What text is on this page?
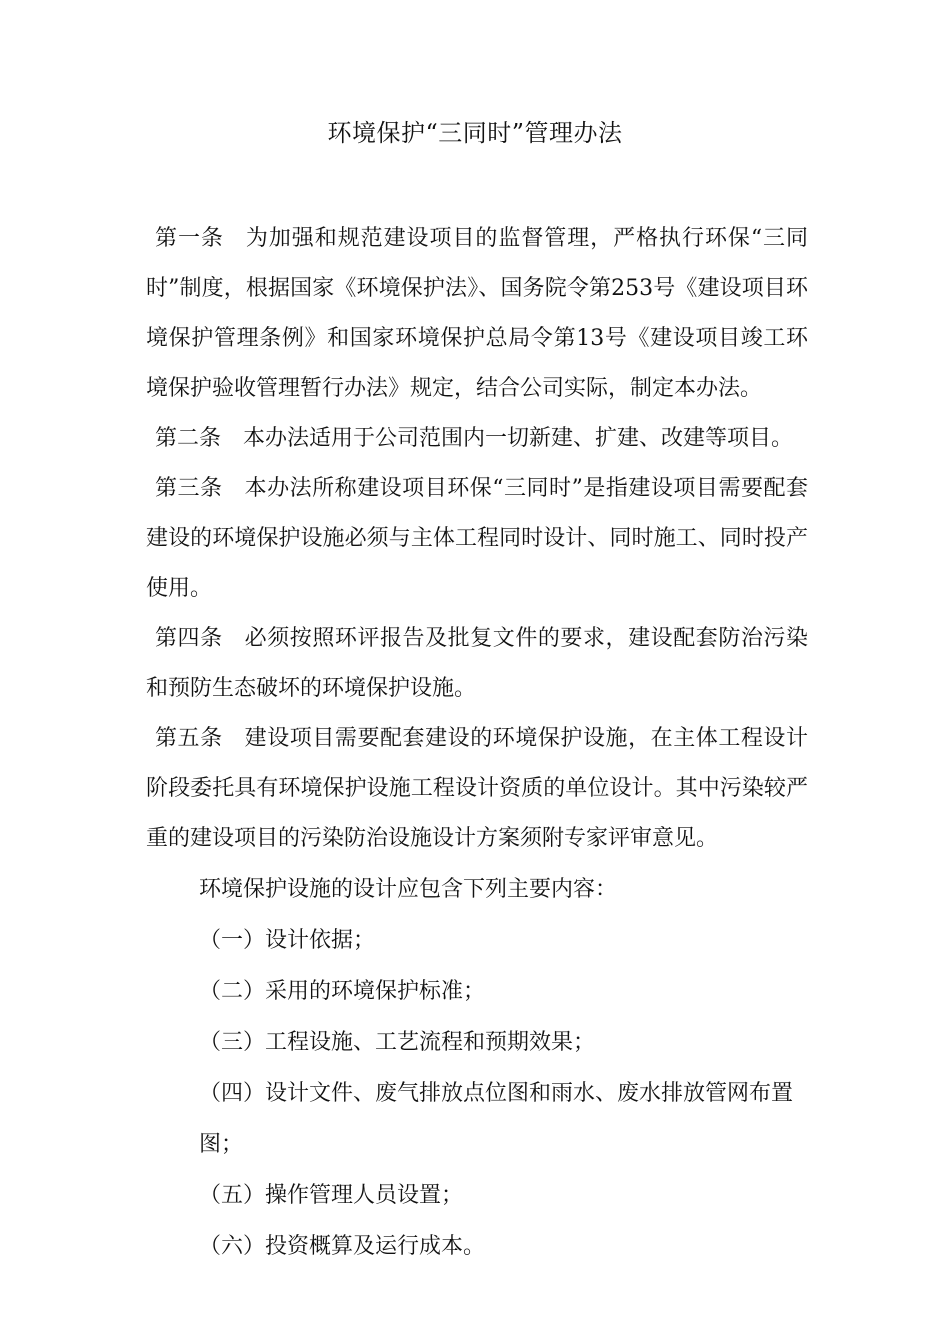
环境保护“三同时”管理办法

第一条 为加强和规范建设项目的监督管理，严格执行环保“三同时”制度，根据国家《环境保护法》、国务院令第253号《建设项目环境保护管理条例》和国家环境保护总局令第13号《建设项目竣工环境保护验收管理暂行办法》规定，结合公司实际，制定本办法。

第二条 本办法适用于公司范围内一切新建、扩建、改建等项目。

第三条 本办法所称建设项目环保“三同时”是指建设项目需要配套建设的环境保护设施必须与主体工程同时设计、同时施工、同时投产使用。

第四条 必须按照环评报告及批复文件的要求，建设配套防治污染和预防生态破坏的环境保护设施。

第五条 建设项目需要配套建设的环境保护设施，在主体工程设计阶段委托具有环境保护设施工程设计资质的单位设计。其中污染较严重的建设项目的污染防治设施设计方案须附专家评审意见。

环境保护设施的设计应包含下列主要内容：

（一）设计依据；

（二）采用的环境保护标准；

（三）工程设施、工艺流程和预期效果；

（四）设计文件、废气排放点位图和雨水、废水排放管网布置图；

（五）操作管理人员设置；

（六）投资概算及运行成本。
